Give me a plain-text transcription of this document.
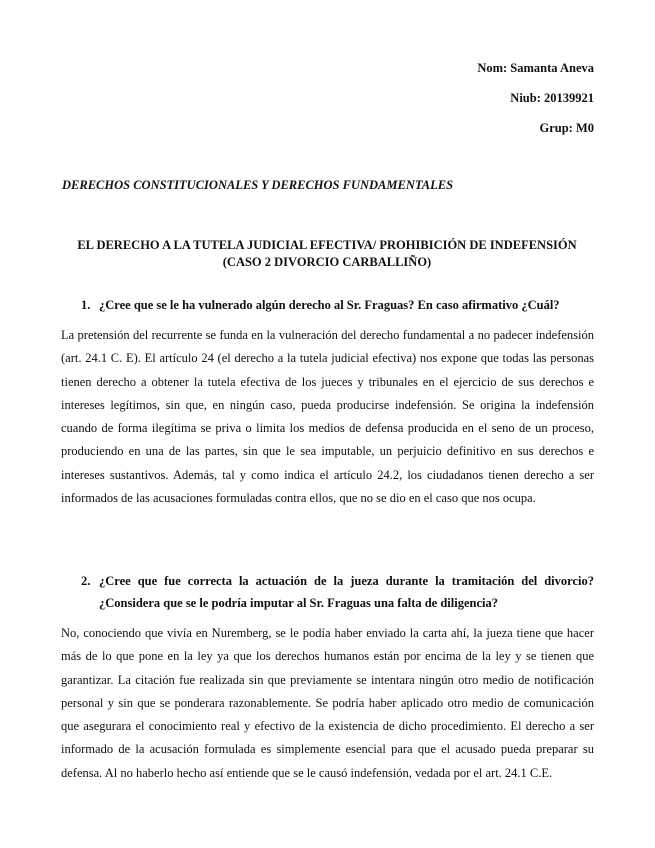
Nom: Samanta Aneva
Niub: 20139921
Grup: M0
DERECHOS CONSTITUCIONALES Y DERECHOS FUNDAMENTALES
EL DERECHO A LA TUTELA JUDICIAL EFECTIVA/ PROHIBICIÓN DE INDEFENSIÓN
(CASO 2 DIVORCIO CARBALLIÑO)
1. ¿Cree que se le ha vulnerado algún derecho al Sr. Fraguas? En caso afirmativo ¿Cuál?
La pretensión del recurrente se funda en la vulneración del derecho fundamental a no padecer indefensión (art. 24.1 C. E). El artículo 24 (el derecho a la tutela judicial efectiva) nos expone que todas las personas tienen derecho a obtener la tutela efectiva de los jueces y tribunales en el ejercicio de sus derechos e intereses legítimos, sin que, en ningún caso, pueda producirse indefensión. Se origina la indefensión cuando de forma ilegítima se priva o limita los medios de defensa producida en el seno de un proceso, produciendo en una de las partes, sin que le sea imputable, un perjuicio definitivo en sus derechos e intereses sustantivos. Además, tal y como indica el artículo 24.2, los ciudadanos tienen derecho a ser informados de las acusaciones formuladas contra ellos, que no se dio en el caso que nos ocupa.
2. ¿Cree que fue correcta la actuación de la jueza durante la tramitación del divorcio? ¿Considera que se le podría imputar al Sr. Fraguas una falta de diligencia?
No, conociendo que vivía en Nuremberg, se le podía haber enviado la carta ahí, la jueza tiene que hacer más de lo que pone en la ley ya que los derechos humanos están por encima de la ley y se tienen que garantizar. La citación fue realizada sin que previamente se intentara ningún otro medio de notificación personal y sin que se ponderara razonablemente. Se podría haber aplicado otro medio de comunicación que asegurara el conocimiento real y efectivo de la existencia de dicho procedimiento. El derecho a ser informado de la acusación formulada es simplemente esencial para que el acusado pueda preparar su defensa. Al no haberlo hecho así entiende que se le causó indefensión, vedada por el art. 24.1 C.E.
